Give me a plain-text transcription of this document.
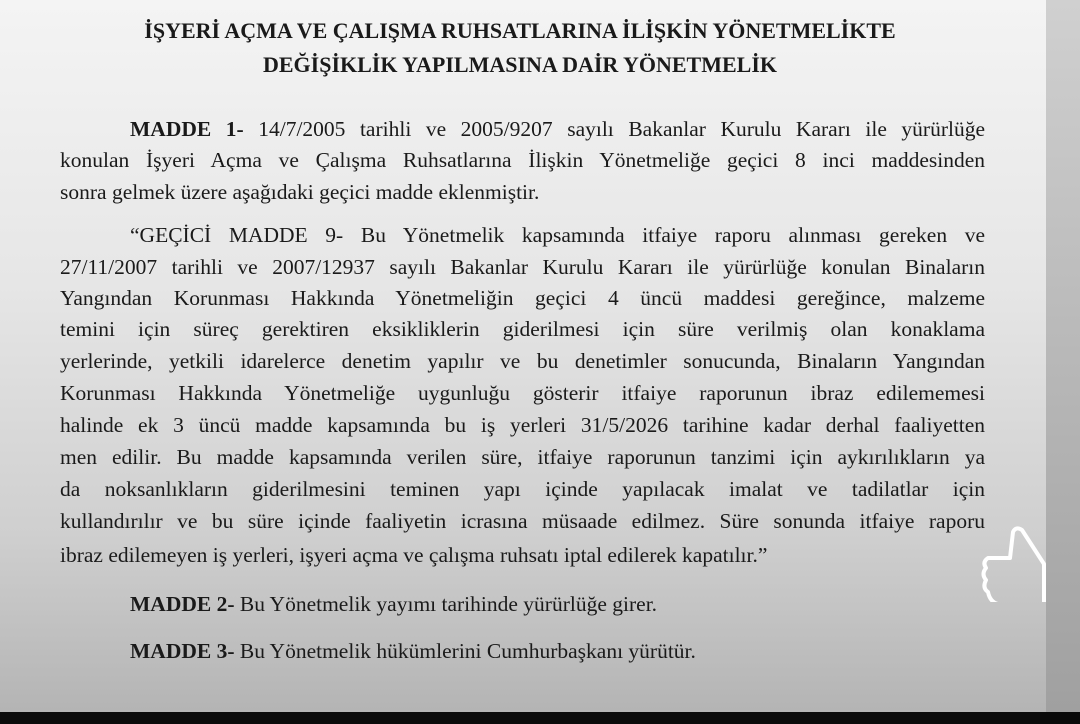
İŞYERİ AÇMA VE ÇALIŞMA RUHSATLARINA İLİŞKİN YÖNETMELİKTE
DEĞİŞİKLİK YAPILMASINA DAİR YÖNETMELİK
MADDE 1- 14/7/2005 tarihli ve 2005/9207 sayılı Bakanlar Kurulu Kararı ile yürürlüğe
konulan İşyeri Açma ve Çalışma Ruhsatlarına İlişkin Yönetmeliğe geçici 8 inci maddesinden
sonra gelmek üzere aşağıdaki geçici madde eklenmiştir.
“GEÇİCİ MADDE 9- Bu Yönetmelik kapsamında itfaiye raporu alınması gereken ve
27/11/2007 tarihli ve 2007/12937 sayılı Bakanlar Kurulu Kararı ile yürürlüğe konulan Binaların
Yangından Korunması Hakkında Yönetmeliğin geçici 4 üncü maddesi gereğince, malzeme
temini için süreç gerektiren eksikliklerin giderilmesi için süre verilmiş olan konaklama
yerlerinde, yetkili idarelerce denetim yapılır ve bu denetimler sonucunda, Binaların Yangından
Korunması Hakkında Yönetmeliğe uygunluğu gösterir itfaiye raporunun ibraz edilememesi
halinde ek 3 üncü madde kapsamında bu iş yerleri 31/5/2026 tarihine kadar derhal faaliyetten
men edilir. Bu madde kapsamında verilen süre, itfaiye raporunun tanzimi için aykırılıkların ya
da noksanlıkların giderilmesini teminen yapı içinde yapılacak imalat ve tadilatlar için
kullandırılır ve bu süre içinde faaliyetin icrasına müsaade edilmez. Süre sonunda itfaiye raporu
ibraz edilemeyen iş yerleri, işyeri açma ve çalışma ruhsatı iptal edilerek kapatılır.”
MADDE 2- Bu Yönetmelik yayımı tarihinde yürürlüğe girer.
MADDE 3- Bu Yönetmelik hükümlerini Cumhurbaşkanı yürütür.
